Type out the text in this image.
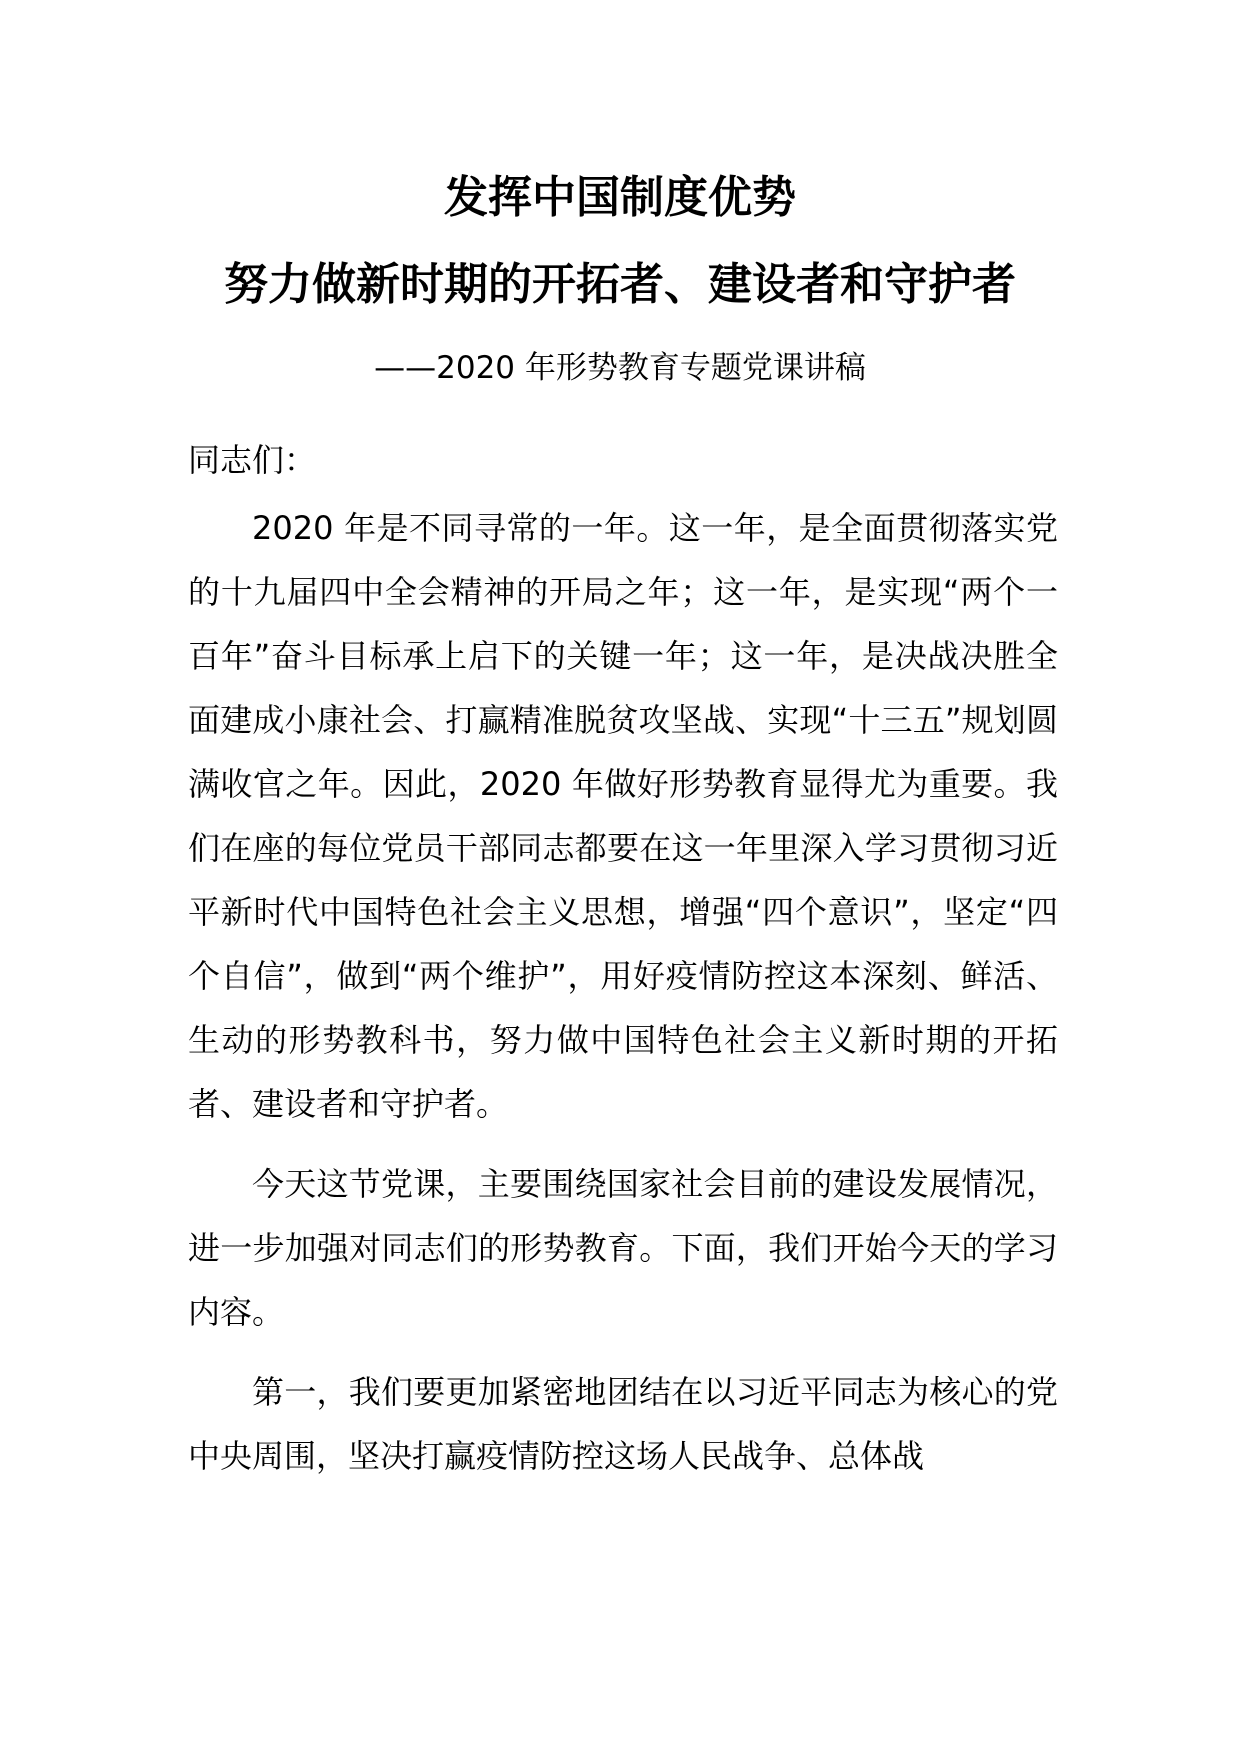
发挥中国制度优势
努力做新时期的开拓者、建设者和守护者

——2020 年形势教育专题党课讲稿

同志们：

2020 年是不同寻常的一年。这一年，是全面贯彻落实党的十九届四中全会精神的开局之年；这一年，是实现“两个一百年”奋斗目标承上启下的关键一年；这一年，是决战决胜全面建成小康社会、打赢精准脱贫攻坚战、实现“十三五”规划圆满收官之年。因此，2020 年做好形势教育显得尤为重要。我们在座的每位党员干部同志都要在这一年里深入学习贯彻习近平新时代中国特色社会主义思想，增强“四个意识”，坚定“四个自信”，做到“两个维护”，用好疫情防控这本深刻、鲜活、生动的形势教科书，努力做中国特色社会主义新时期的开拓者、建设者和守护者。

今天这节党课，主要围绕国家社会目前的建设发展情况，进一步加强对同志们的形势教育。下面，我们开始今天的学习内容。

第一，我们要更加紧密地团结在以习近平同志为核心的党中央周围，坚决打赢疫情防控这场人民战争、总体战
